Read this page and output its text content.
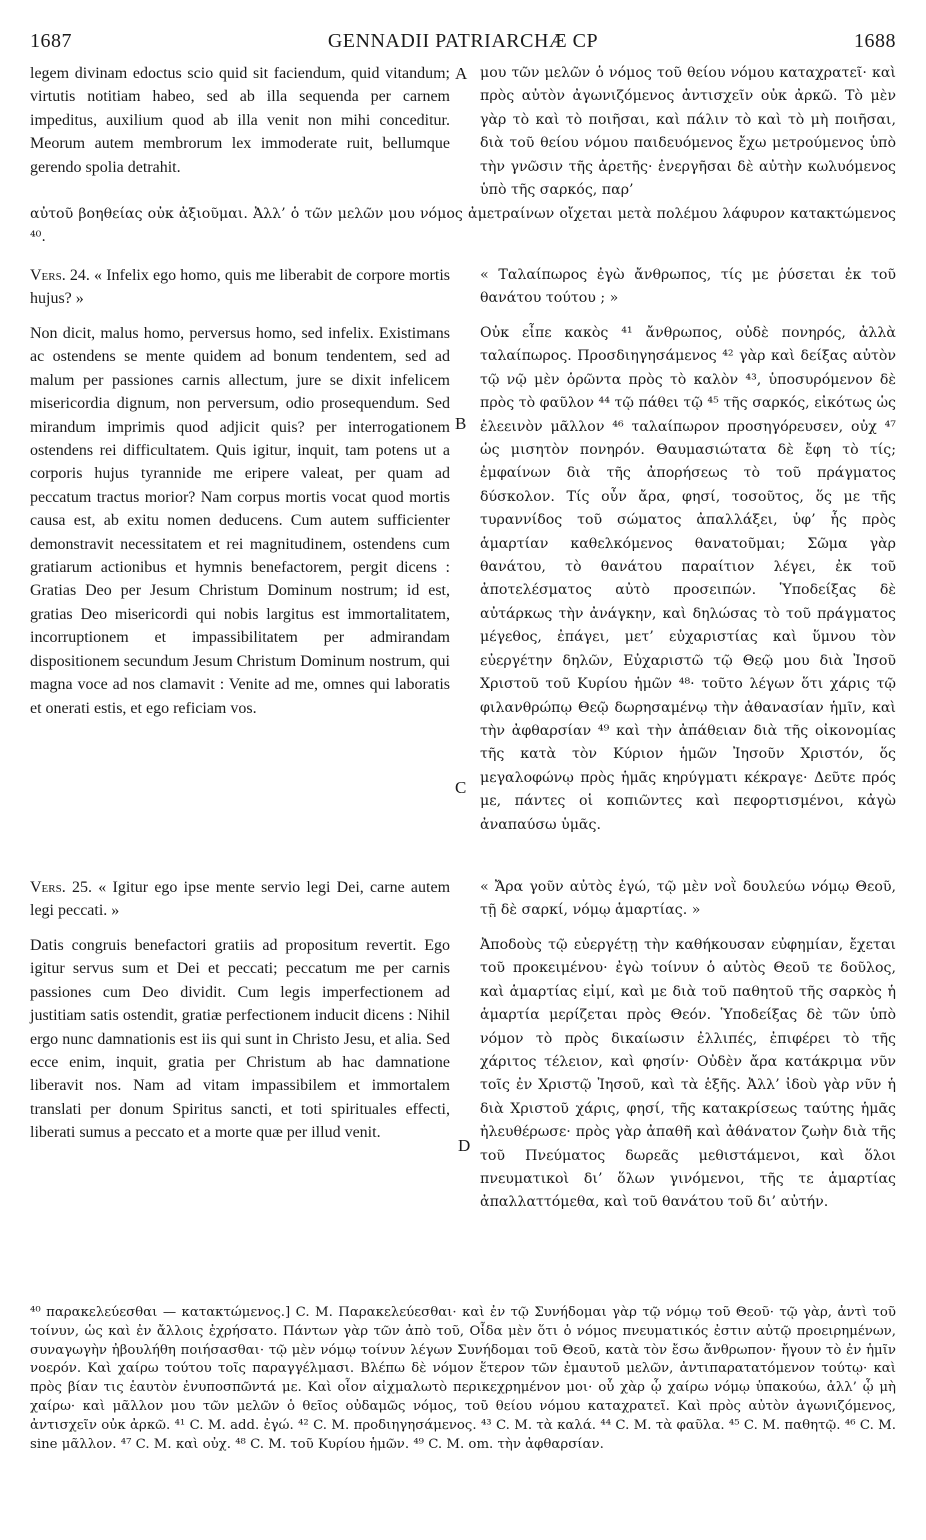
1687	GENNADII PATRIARCHÆ CP	1688
legem divinam edoctus scio quid sit faciendum, quid vitandum; virtutis notitiam habeo, sed ab illa sequenda per carnem impeditus, auxilium quod ab illa venit non mihi conceditur. Meorum autem membrorum lex immoderate ruit, bellumque gerendo spolia detrahit.
A μου τῶν μελῶν ὁ νόμος τοῦ θείου νόμου καταχρατεῖ· καὶ πρὸς αὐτὸν ἀγωνιζόμενος ἀντισχεῖν οὐκ ἀρκῶ. Τὸ μὲν γὰρ τὸ καὶ τὸ ποιῆσαι, καὶ πάλιν τὸ καὶ τὸ μὴ ποιῆσαι, διὰ τοῦ θείου νόμου παιδευόμενος ἔχω μετρούμενος ὑπὸ τὴν γνῶσιν τῆς ἀρετῆς· ἐνεργῆσαι δὲ αὐτὴν κωλυόμενος ὑπὸ τῆς σαρκός, παρ’
αὐτοῦ βοηθείας οὐκ ἀξιοῦμαι. Ἀλλ’ ὁ τῶν μελῶν μου νόμος ἀμετραίνων οἴχεται μετὰ πολέμου λάφυρον κατακτώμενος ⁴⁰.
Vers. 24. « Infelix ego homo, quis me liberabit de corpore mortis hujus? »
« Ταλαίπωρος ἐγὼ ἄνθρωπος, τίς με ῥύσεται ἐκ τοῦ θανάτου τούτου ; »
Non dicit, malus homo, perversus homo, sed infelix. Existimans ac ostendens se mente quidem ad bonum tendentem, sed ad malum per passiones carnis allectum, jure se dixit infelicem misericordia dignum, non perversum, odio prosequendum. Sed mirandum imprimis quod adjicit quis? per interrogationem ostendens rei difficultatem. Quis igitur, inquit, tam potens ut a corporis hujus tyrannide me eripere valeat, per quam ad peccatum tractus morior? Nam corpus mortis vocat quod mortis causa est, ab exitu nomen deducens. Cum autem sufficienter demonstravit necessitatem et rei magnitudinem, ostendens cum gratiarum actionibus et hymnis benefactorem, pergit dicens : Gratias Deo per Jesum Christum Dominum nostrum; id est, gratias Deo misericordi qui nobis largitus est immortalitatem, incorruptionem et impassibilitatem per admirandam dispositionem secundum Jesum Christum Dominum nostrum, qui magna voce ad nos clamavit : Venite ad me, omnes qui laboratis et onerati estis, et ego reficiam vos.
B
C
Οὐκ εἶπε κακὸς ⁴¹ ἄνθρωπος, οὐδὲ πονηρός, ἀλλὰ ταλαίπωρος. Προσδιηγησάμενος ⁴² γὰρ καὶ δείξας αὐτὸν τῷ νῷ μὲν ὁρῶντα πρὸς τὸ καλὸν ⁴³, ὑποσυρόμενον δὲ πρὸς τὸ φαῦλον ⁴⁴ τῷ πάθει τῷ ⁴⁵ τῆς σαρκός, εἰκότως ὡς ἐλεεινὸν μᾶλλον ⁴⁶ ταλαίπωρον προσηγόρευσεν, οὐχ ⁴⁷ ὡς μισητὸν πονηρόν. Θαυμασιώτατα δὲ ἔφη τὸ τίς; ἐμφαίνων διὰ τῆς ἀπορήσεως τὸ τοῦ πράγματος δύσκολον. Τίς οὖν ἄρα, φησί, τοσοῦτος, ὅς με τῆς τυραννίδος τοῦ σώματος ἀπαλλάξει, ὑφ’ ἧς πρὸς ἁμαρτίαν καθελκόμενος θανατοῦμαι; Σῶμα γὰρ θανάτου, τὸ θανάτου παραίτιον λέγει, ἐκ τοῦ ἀποτελέσματος αὐτὸ προσειπών. Ὑποδείξας δὲ αὐτάρκως τὴν ἀνάγκην, καὶ δηλώσας τὸ τοῦ πράγματος μέγεθος, ἐπάγει, μετ’ εὐχαριστίας καὶ ὕμνου τὸν εὐεργέτην δηλῶν, Εὐχαριστῶ τῷ Θεῷ μου διὰ Ἰησοῦ Χριστοῦ τοῦ Κυρίου ἡμῶν ⁴⁸· τοῦτο λέγων ὅτι χάρις τῷ φιλανθρώπῳ Θεῷ δωρησαμένῳ τὴν ἀθανασίαν ἡμῖν, καὶ τὴν ἀφθαρσίαν ⁴⁹ καὶ τὴν ἀπάθειαν διὰ τῆς οἰκονομίας τῆς κατὰ τὸν Κύριον ἡμῶν Ἰησοῦν Χριστόν, ὅς μεγαλοφώνῳ πρὸς ἡμᾶς κηρύγματι κέκραγε· Δεῦτε πρός με, πάντες οἱ κοπιῶντες καὶ πεφορτισμένοι, κἀγὼ ἀναπαύσω ὑμᾶς.
Vers. 25. « Igitur ego ipse mente servio legi Dei, carne autem legi peccati. »
« Ἄρα γοῦν αὐτὸς ἐγώ, τῷ μὲν νοῒ δουλεύω νόμῳ Θεοῦ, τῇ δὲ σαρκί, νόμῳ ἁμαρτίας. »
Datis congruis benefactori gratiis ad propositum revertit. Ego igitur servus sum et Dei et peccati; peccatum me per carnis passiones cum Deo dividit. Cum legis imperfectionem ad justitiam satis ostendit, gratiæ perfectionem inducit dicens : Nihil ergo nunc damnationis est iis qui sunt in Christo Jesu, et alia. Sed ecce enim, inquit, gratia per Christum ab hac damnatione liberavit nos. Nam ad vitam impassibilem et immortalem translati per donum Spiritus sancti, et toti spirituales effecti, liberati sumus a peccato et a morte quæ per illud venit.
D
Ἀποδοὺς τῷ εὐεργέτῃ τὴν καθήκουσαν εὐφημίαν, ἔχεται τοῦ προκειμένου· ἐγὼ τοίνυν ὁ αὐτὸς Θεοῦ τε δοῦλος, καὶ ἁμαρτίας εἰμί, καὶ με διὰ τοῦ παθητοῦ τῆς σαρκὸς ἡ ἁμαρτία μερίζεται πρὸς Θεόν. Ὑποδείξας δὲ τῶν ὑπὸ νόμον τὸ πρὸς δικαίωσιν ἐλλιπές, ἐπιφέρει τὸ τῆς χάριτος τέλειον, καὶ φησίν· Οὐδὲν ἄρα κατάκριμα νῦν τοῖς ἐν Χριστῷ Ἰησοῦ, καὶ τὰ ἑξῆς. Ἀλλ’ ἰδοὺ γὰρ νῦν ἡ διὰ Χριστοῦ χάρις, φησί, τῆς κατακρίσεως ταύτης ἡμᾶς ἠλευθέρωσε· πρὸς γὰρ ἀπαθῆ καὶ ἀθάνατον ζωὴν διὰ τῆς τοῦ Πνεύματος δωρεᾶς μεθιστάμενοι, καὶ ὅλοι πνευματικοὶ δι’ ὅλων γινόμενοι, τῆς τε ἁμαρτίας ἀπαλλαττόμεθα, καὶ τοῦ θανάτου τοῦ δι’ αὐτήν.
⁴⁰ παρακελεύεσθαι — κατακτώμενος.] C. M. Παρακελεύεσθαι· καὶ ἐν τῷ Συνήδομαι γὰρ τῷ νόμῳ τοῦ Θεοῦ· τῷ γὰρ, ἀντὶ τοῦ τοίνυν, ὡς καὶ ἐν ἄλλοις ἐχρήσατο. Πάντων γὰρ τῶν ἀπὸ τοῦ, Οἶδα μὲν ὅτι ὁ νόμος πνευματικός ἐστιν αὐτῷ προειρημένων, συναγωγὴν ἠβουλήθη ποιήσασθαι· τῷ μὲν νόμῳ τοίνυν λέγων Συνήδομαι τοῦ Θεοῦ, κατὰ τὸν ἔσω ἄνθρωπον· ἤγουν τὸ ἐν ἡμῖν νοερόν. Καὶ χαίρω τούτου τοῖς παραγγέλμασι. Βλέπω δὲ νόμον ἕτερον τῶν ἐμαυτοῦ μελῶν, ἀντιπαρατατόμενον τούτῳ· καὶ πρὸς βίαν τις ἑαυτὸν ἐνυποσπῶντά με. Καὶ οἷον αἰχμαλωτὸ περικεχρημένον μοι· οὗ χὰρ ᾧ χαίρω νόμῳ ὑπακούω, ἀλλ’ ᾧ μὴ χαίρω· καὶ μᾶλλον μου τῶν μελῶν ὁ θεῖος οὐδαμῶς νόμος, τοῦ θείου νόμου καταχρατεῖ. Καὶ πρὸς αὐτὸν ἀγωνιζόμενος, ἀντισχεῖν οὐκ ἀρκῶ. ⁴¹ C. M. add. ἐγώ. ⁴² C. M. προδιηγησάμενος. ⁴³ C. M. τὰ καλά. ⁴⁴ C. M. τὰ φαῦλα. ⁴⁵ C. M. παθητῷ. ⁴⁶ C. M. sine μᾶλλον. ⁴⁷ C. M. καὶ οὐχ. ⁴⁸ C. M. τοῦ Κυρίου ἡμῶν. ⁴⁹ C. M. om. τὴν ἀφθαρσίαν.
